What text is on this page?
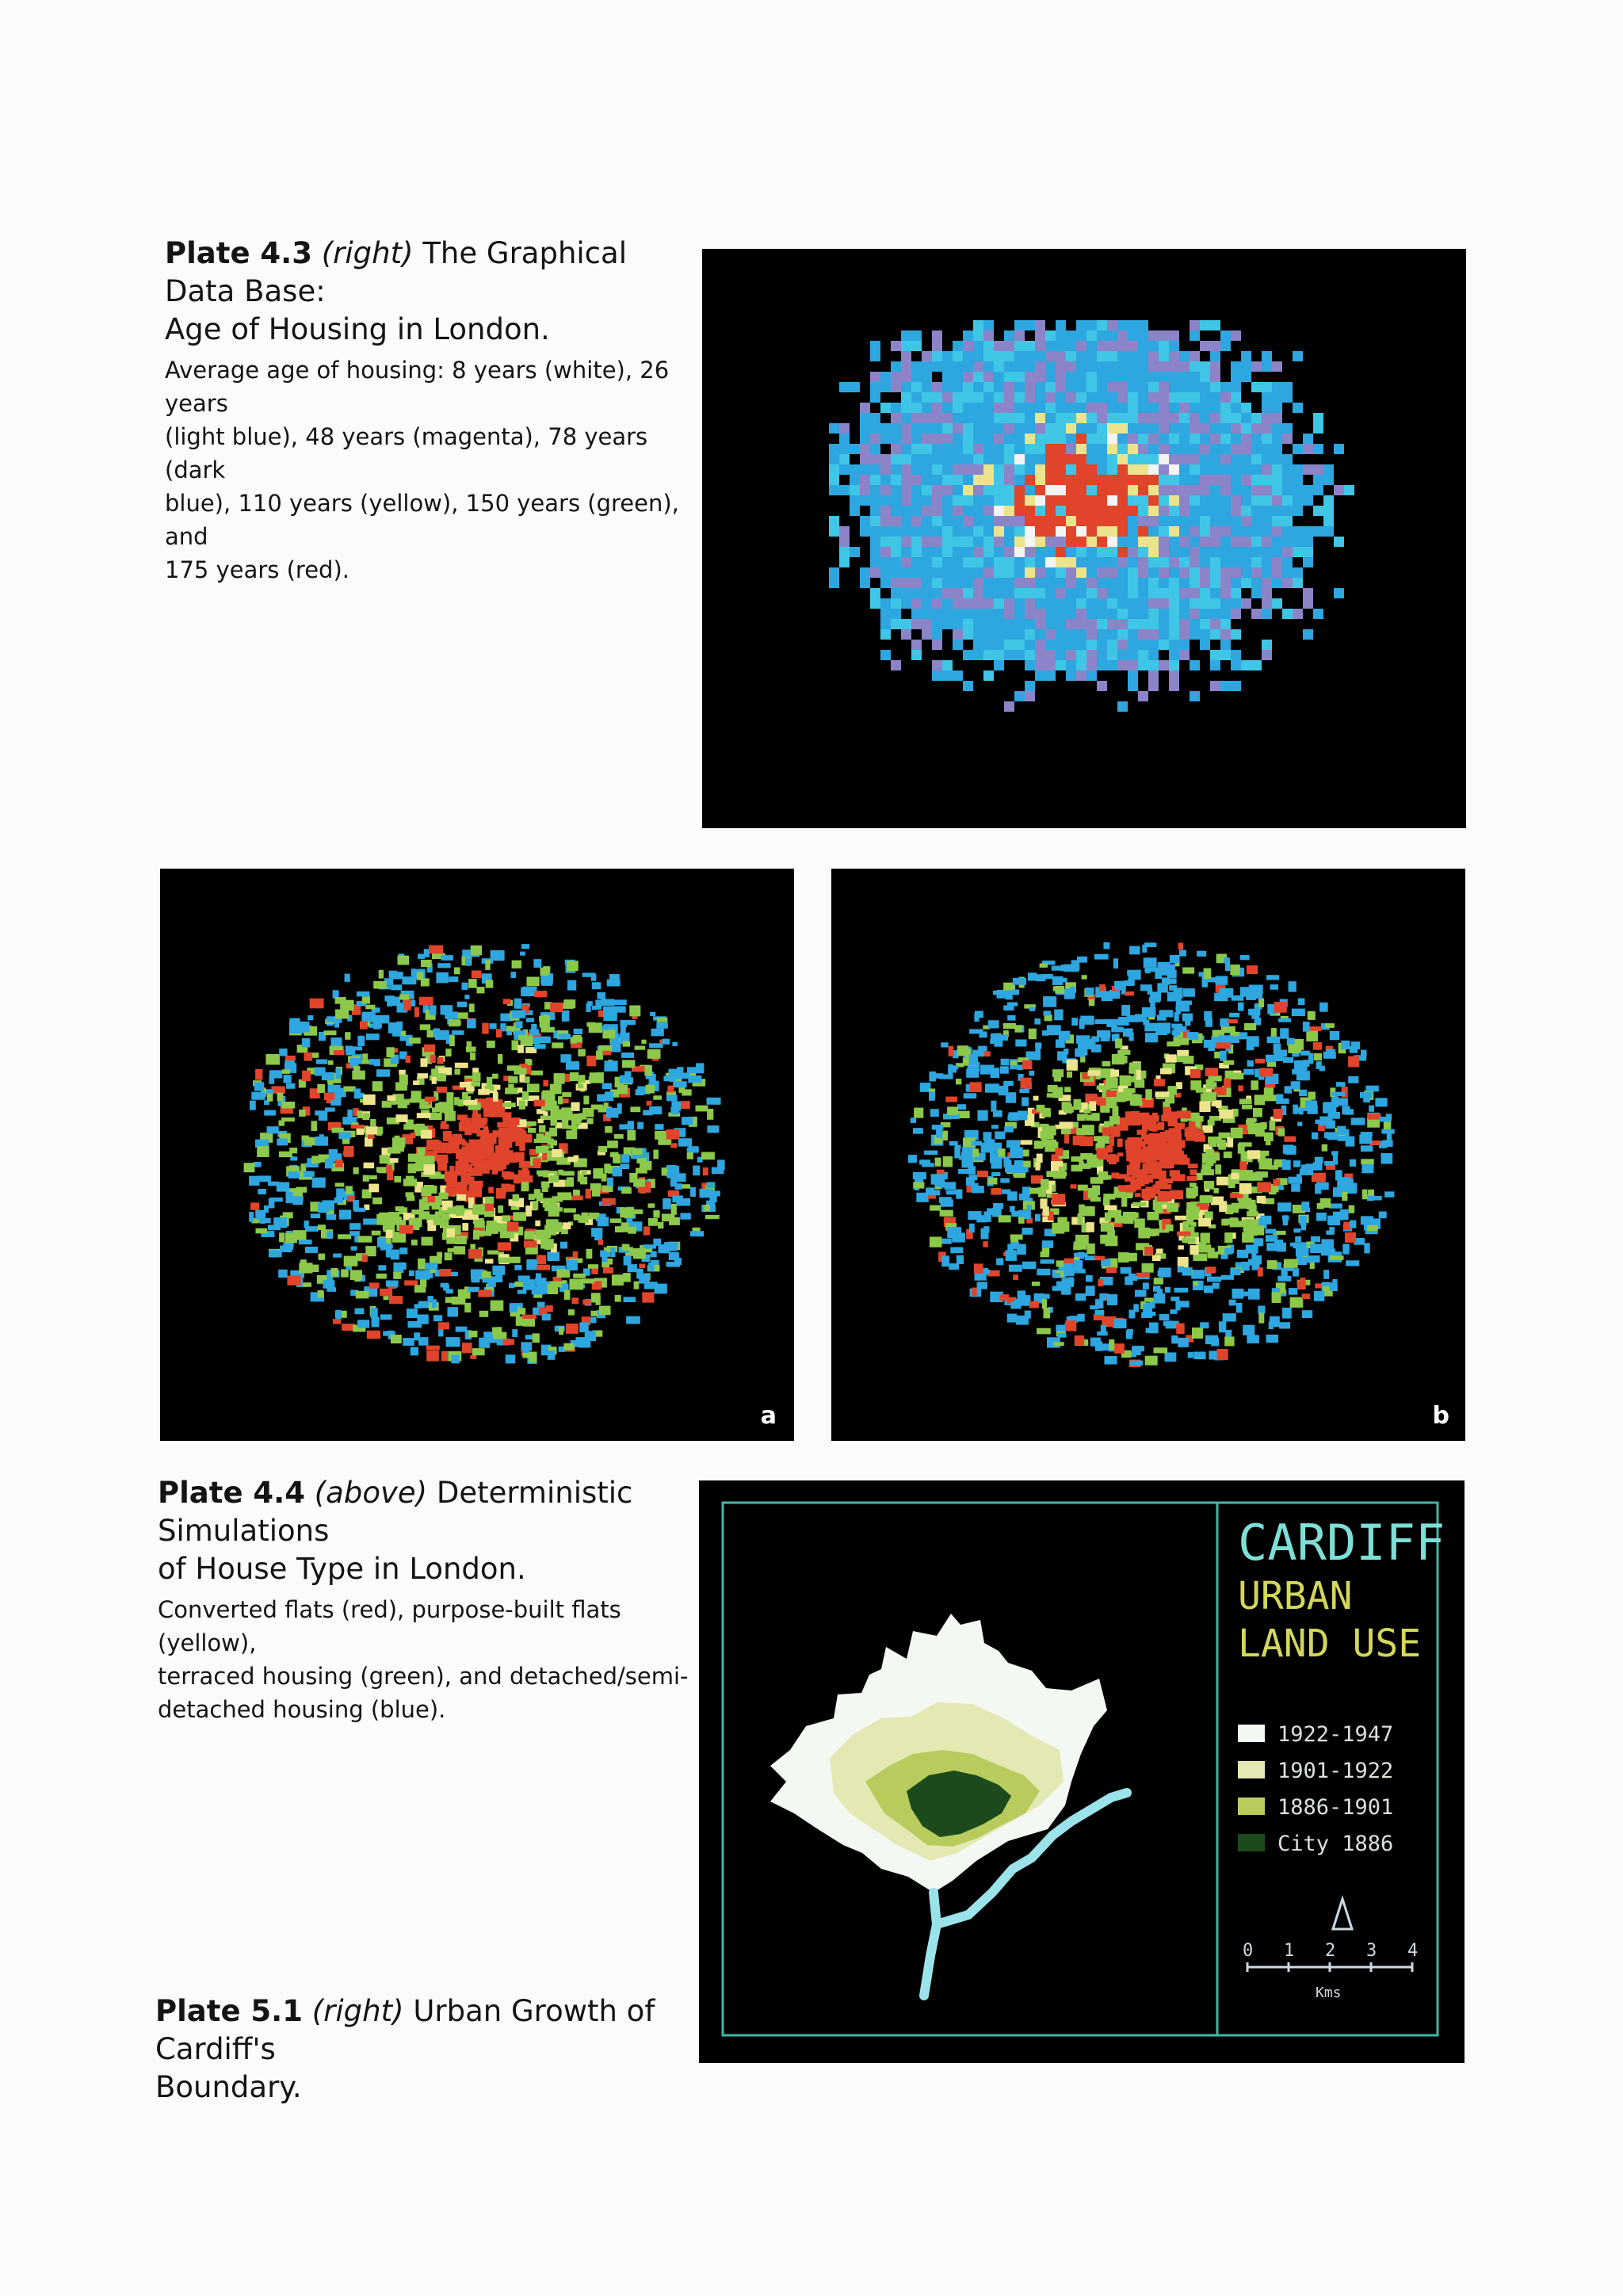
Plate 4.3 (right) The Graphical Data Base:
Age of Housing in London.
Average age of housing: 8 years (white), 26 years
(light blue), 48 years (magenta), 78 years (dark
blue), 110 years (yellow), 150 years (green), and
175 years (red).
a	b
Plate 4.4 (above) Deterministic Simulations
of House Type in London.
Converted flats (red), purpose-built flats (yellow),
terraced housing (green), and detached/semi-
detached housing (blue).
CARDIFF
URBAN
LAND USE
1922-1947
1901-1922
1886-1901
City 1886
0 1 2 3 4
Kms
Plate 5.1 (right) Urban Growth of Cardiff's
Boundary.
